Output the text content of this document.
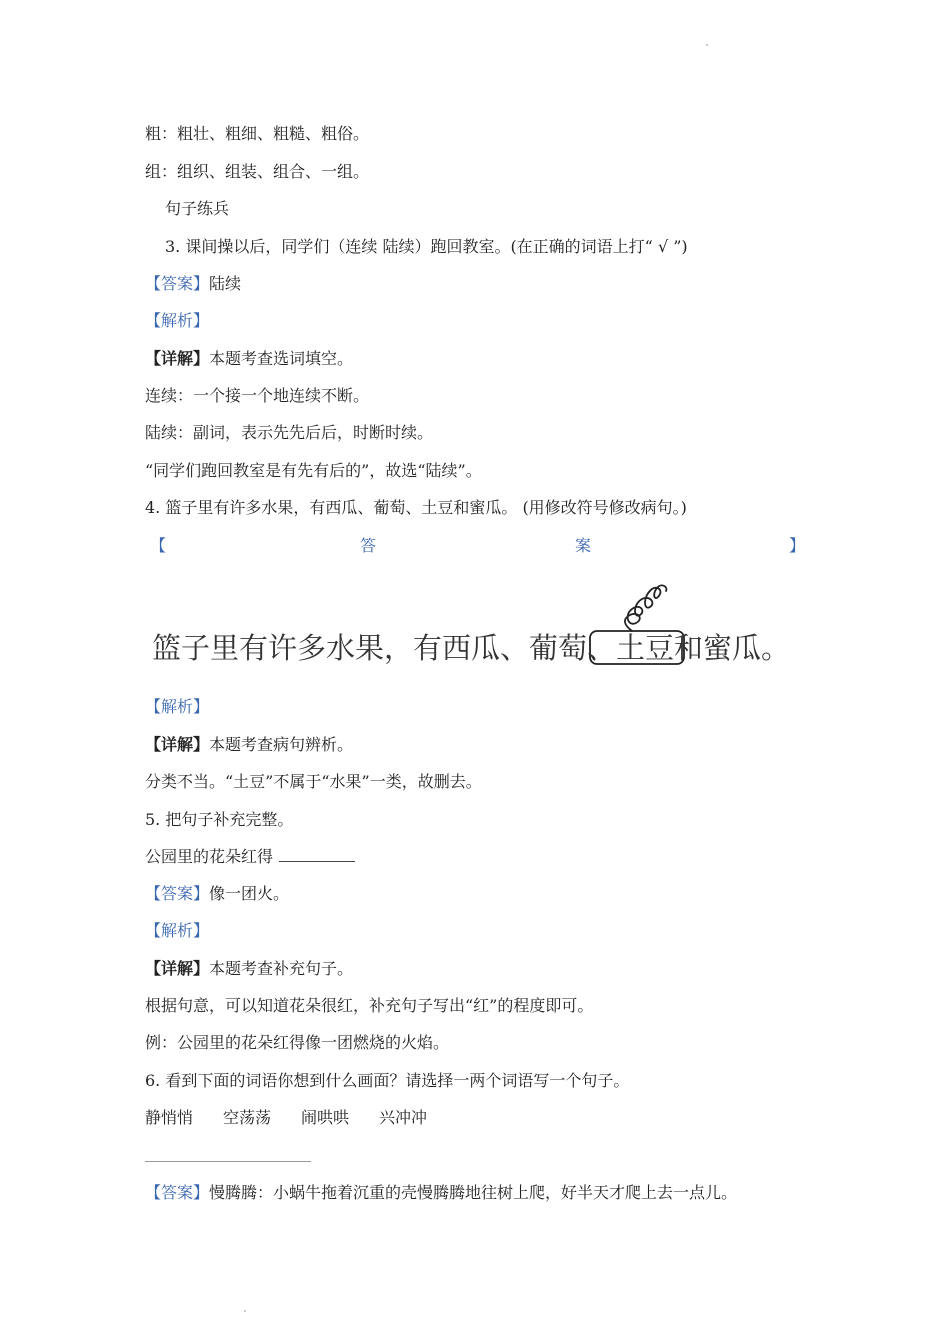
粗：粗壮、粗细、粗糙、粗俗。
组：组织、组装、组合、一组。
句子练兵
3. 课间操以后，同学们（连续 陆续）跑回教室。(在正确的词语上打“ √ ”)
【答案】陆续
【解析】
【详解】本题考查选词填空。
连续：一个接一个地连续不断。
陆续：副词，表示先先后后，时断时续。
“同学们跑回教室是有先有后的”，故选“陆续”。
4. 篮子里有许多水果，有西瓜、葡萄、土豆和蜜瓜。 (用修改符号修改病句。)
【	答	案	】
篮子里有许多水果，有西瓜、葡萄、土豆和蜜瓜。
【解析】
【详解】本题考查病句辨析。
分类不当。“土豆”不属于“水果”一类，故删去。
5. 把句子补充完整。
公园里的花朵红得
【答案】像一团火。
【解析】
【详解】本题考查补充句子。
根据句意，可以知道花朵很红，补充句子写出“红”的程度即可。
例：公园里的花朵红得像一团燃烧的火焰。
6. 看到下面的词语你想到什么画面？请选择一两个词语写一个句子。
静悄悄 空荡荡 闹哄哄 兴冲冲
【答案】慢腾腾：小蜗牛拖着沉重的壳慢腾腾地往树上爬，好半天才爬上去一点儿。
